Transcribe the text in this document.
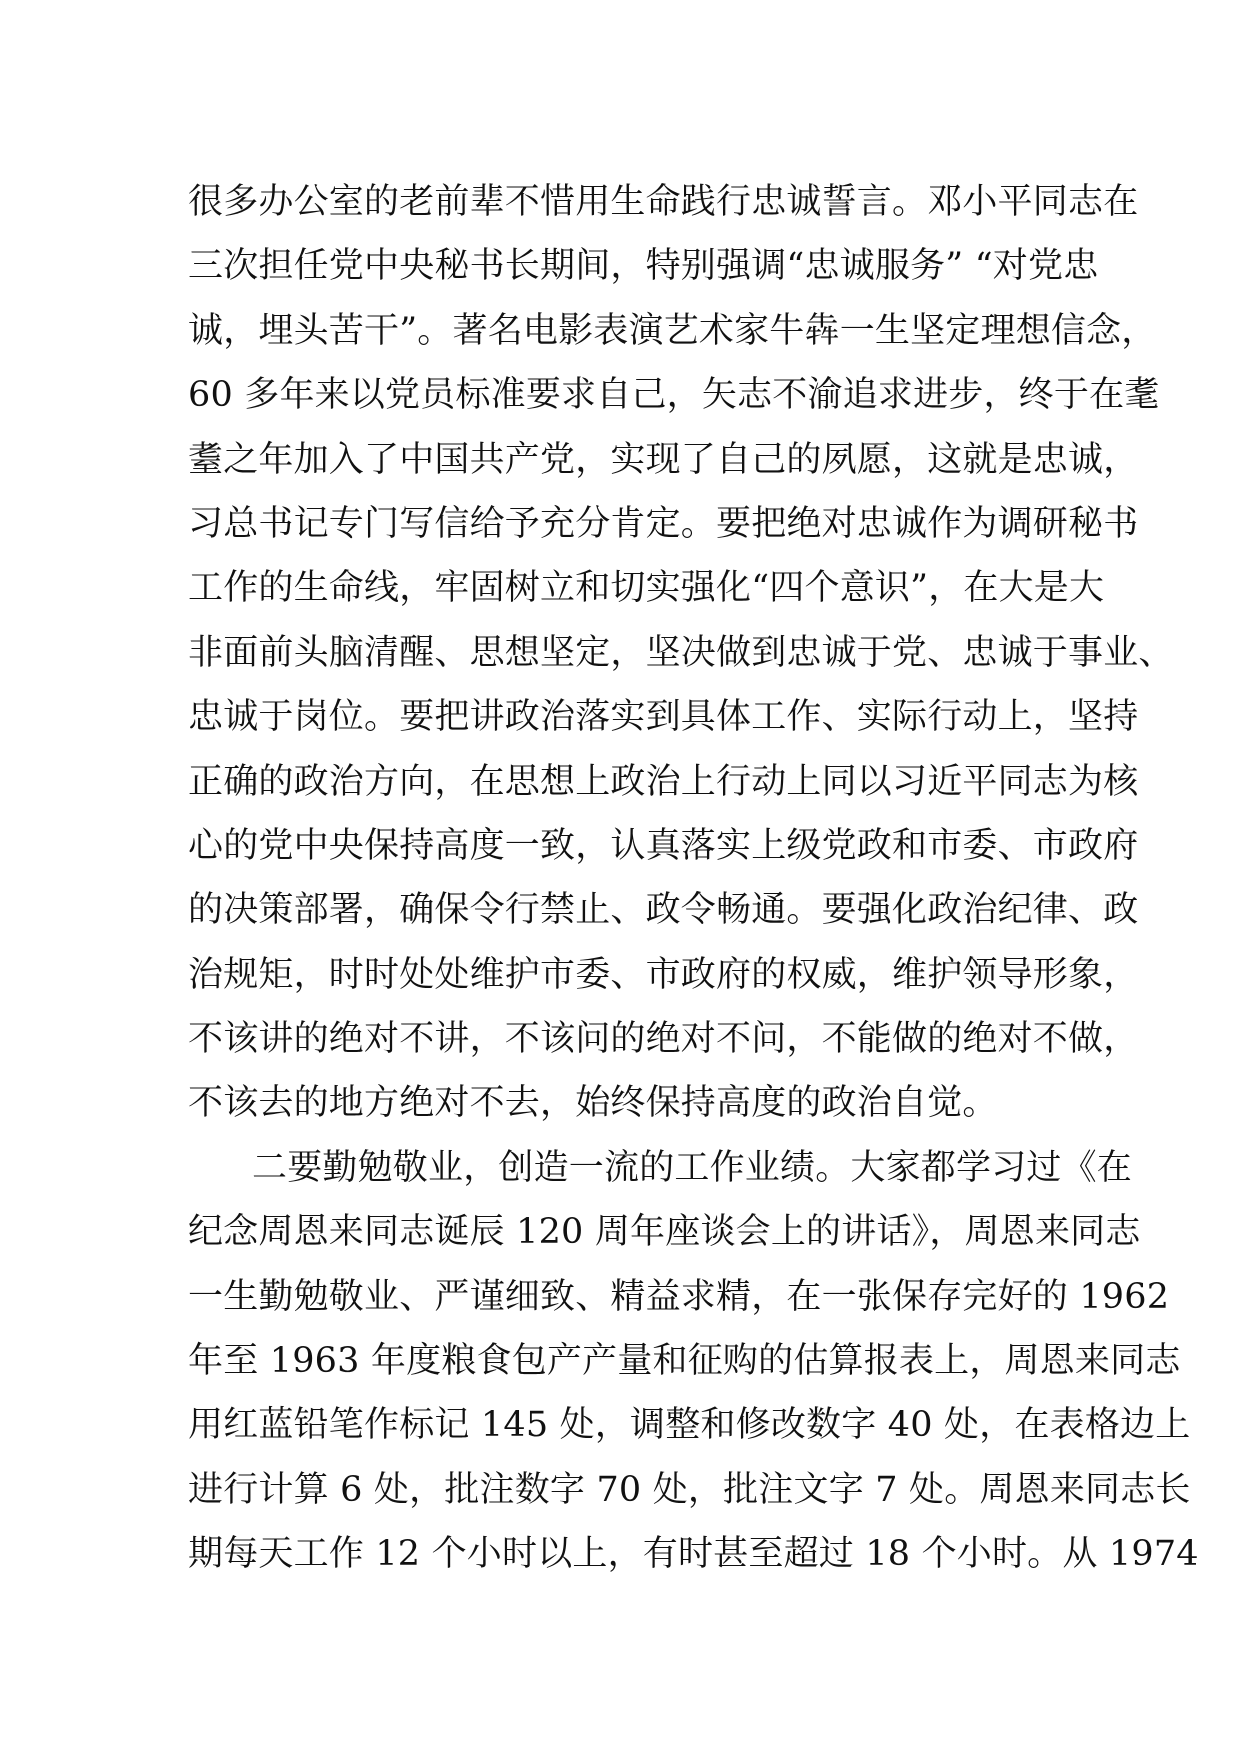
很多办公室的老前辈不惜用生命践行忠诚誓言。邓小平同志在
三次担任党中央秘书长期间，特别强调“忠诚服务” “对党忠
诚，埋头苦干”。著名电影表演艺术家牛犇一生坚定理想信念，
60 多年来以党员标准要求自己，矢志不渝追求进步，终于在耄
耋之年加入了中国共产党，实现了自己的夙愿，这就是忠诚，
习总书记专门写信给予充分肯定。要把绝对忠诚作为调研秘书
工作的生命线，牢固树立和切实强化“四个意识”，在大是大
非面前头脑清醒、思想坚定，坚决做到忠诚于党、忠诚于事业、
忠诚于岗位。要把讲政治落实到具体工作、实际行动上，坚持
正确的政治方向，在思想上政治上行动上同以习近平同志为核
心的党中央保持高度一致，认真落实上级党政和市委、市政府
的决策部署，确保令行禁止、政令畅通。要强化政治纪律、政
治规矩，时时处处维护市委、市政府的权威，维护领导形象，
不该讲的绝对不讲，不该问的绝对不问，不能做的绝对不做，
不该去的地方绝对不去，始终保持高度的政治自觉。
二要勤勉敬业，创造一流的工作业绩。大家都学习过《在
纪念周恩来同志诞辰 120 周年座谈会上的讲话》，周恩来同志
一生勤勉敬业、严谨细致、精益求精，在一张保存完好的 1962
年至 1963 年度粮食包产产量和征购的估算报表上，周恩来同志
用红蓝铅笔作标记 145 处，调整和修改数字 40 处，在表格边上
进行计算 6 处，批注数字 70 处，批注文字 7 处。周恩来同志长
期每天工作 12 个小时以上，有时甚至超过 18 个小时。从 1974
